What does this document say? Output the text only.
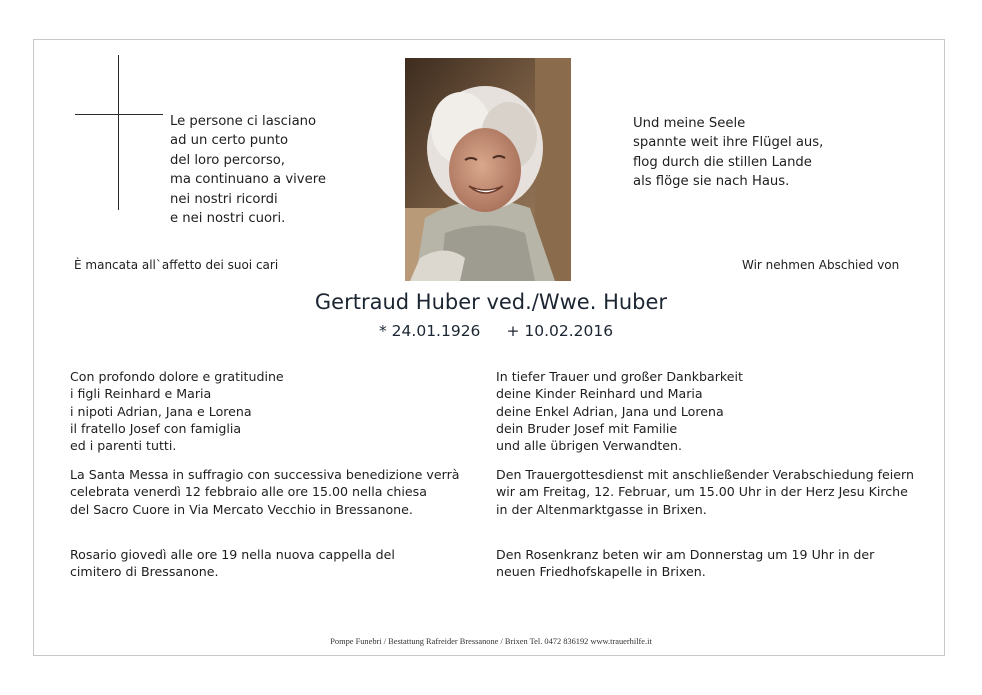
Le persone ci lasciano
ad un certo punto
del loro percorso,
ma continuano a vivere
nei nostri ricordi
e nei nostri cuori.
Und meine Seele
spannte weit ihre Flügel aus,
flog durch die stillen Lande
als flöge sie nach Haus.
È mancata all`affetto dei suoi cari	Wir nehmen Abschied von
Gertraud Huber ved./Wwe. Huber
* 24.01.1926 + 10.02.2016
Con profondo dolore e gratitudine
i figli Reinhard e Maria
i nipoti Adrian, Jana e Lorena
il fratello Josef con famiglia
ed i parenti tutti.
In tiefer Trauer und großer Dankbarkeit
deine Kinder Reinhard und Maria
deine Enkel Adrian, Jana und Lorena
dein Bruder Josef mit Familie
und alle übrigen Verwandten.
La Santa Messa in suffragio con successiva benedizione verrà
celebrata venerdì 12 febbraio alle ore 15.00 nella chiesa
del Sacro Cuore in Via Mercato Vecchio in Bressanone.
Den Trauergottesdienst mit anschließender Verabschiedung feiern
wir am Freitag, 12. Februar, um 15.00 Uhr in der Herz Jesu Kirche
in der Altenmarktgasse in Brixen.
Rosario giovedì alle ore 19 nella nuova cappella del
cimitero di Bressanone.
Den Rosenkranz beten wir am Donnerstag um 19 Uhr in der
neuen Friedhofskapelle in Brixen.
Pompe Funebri / Bestattung Rafreider Bressanone / Brixen Tel. 0472 836192 www.trauerhilfe.it
